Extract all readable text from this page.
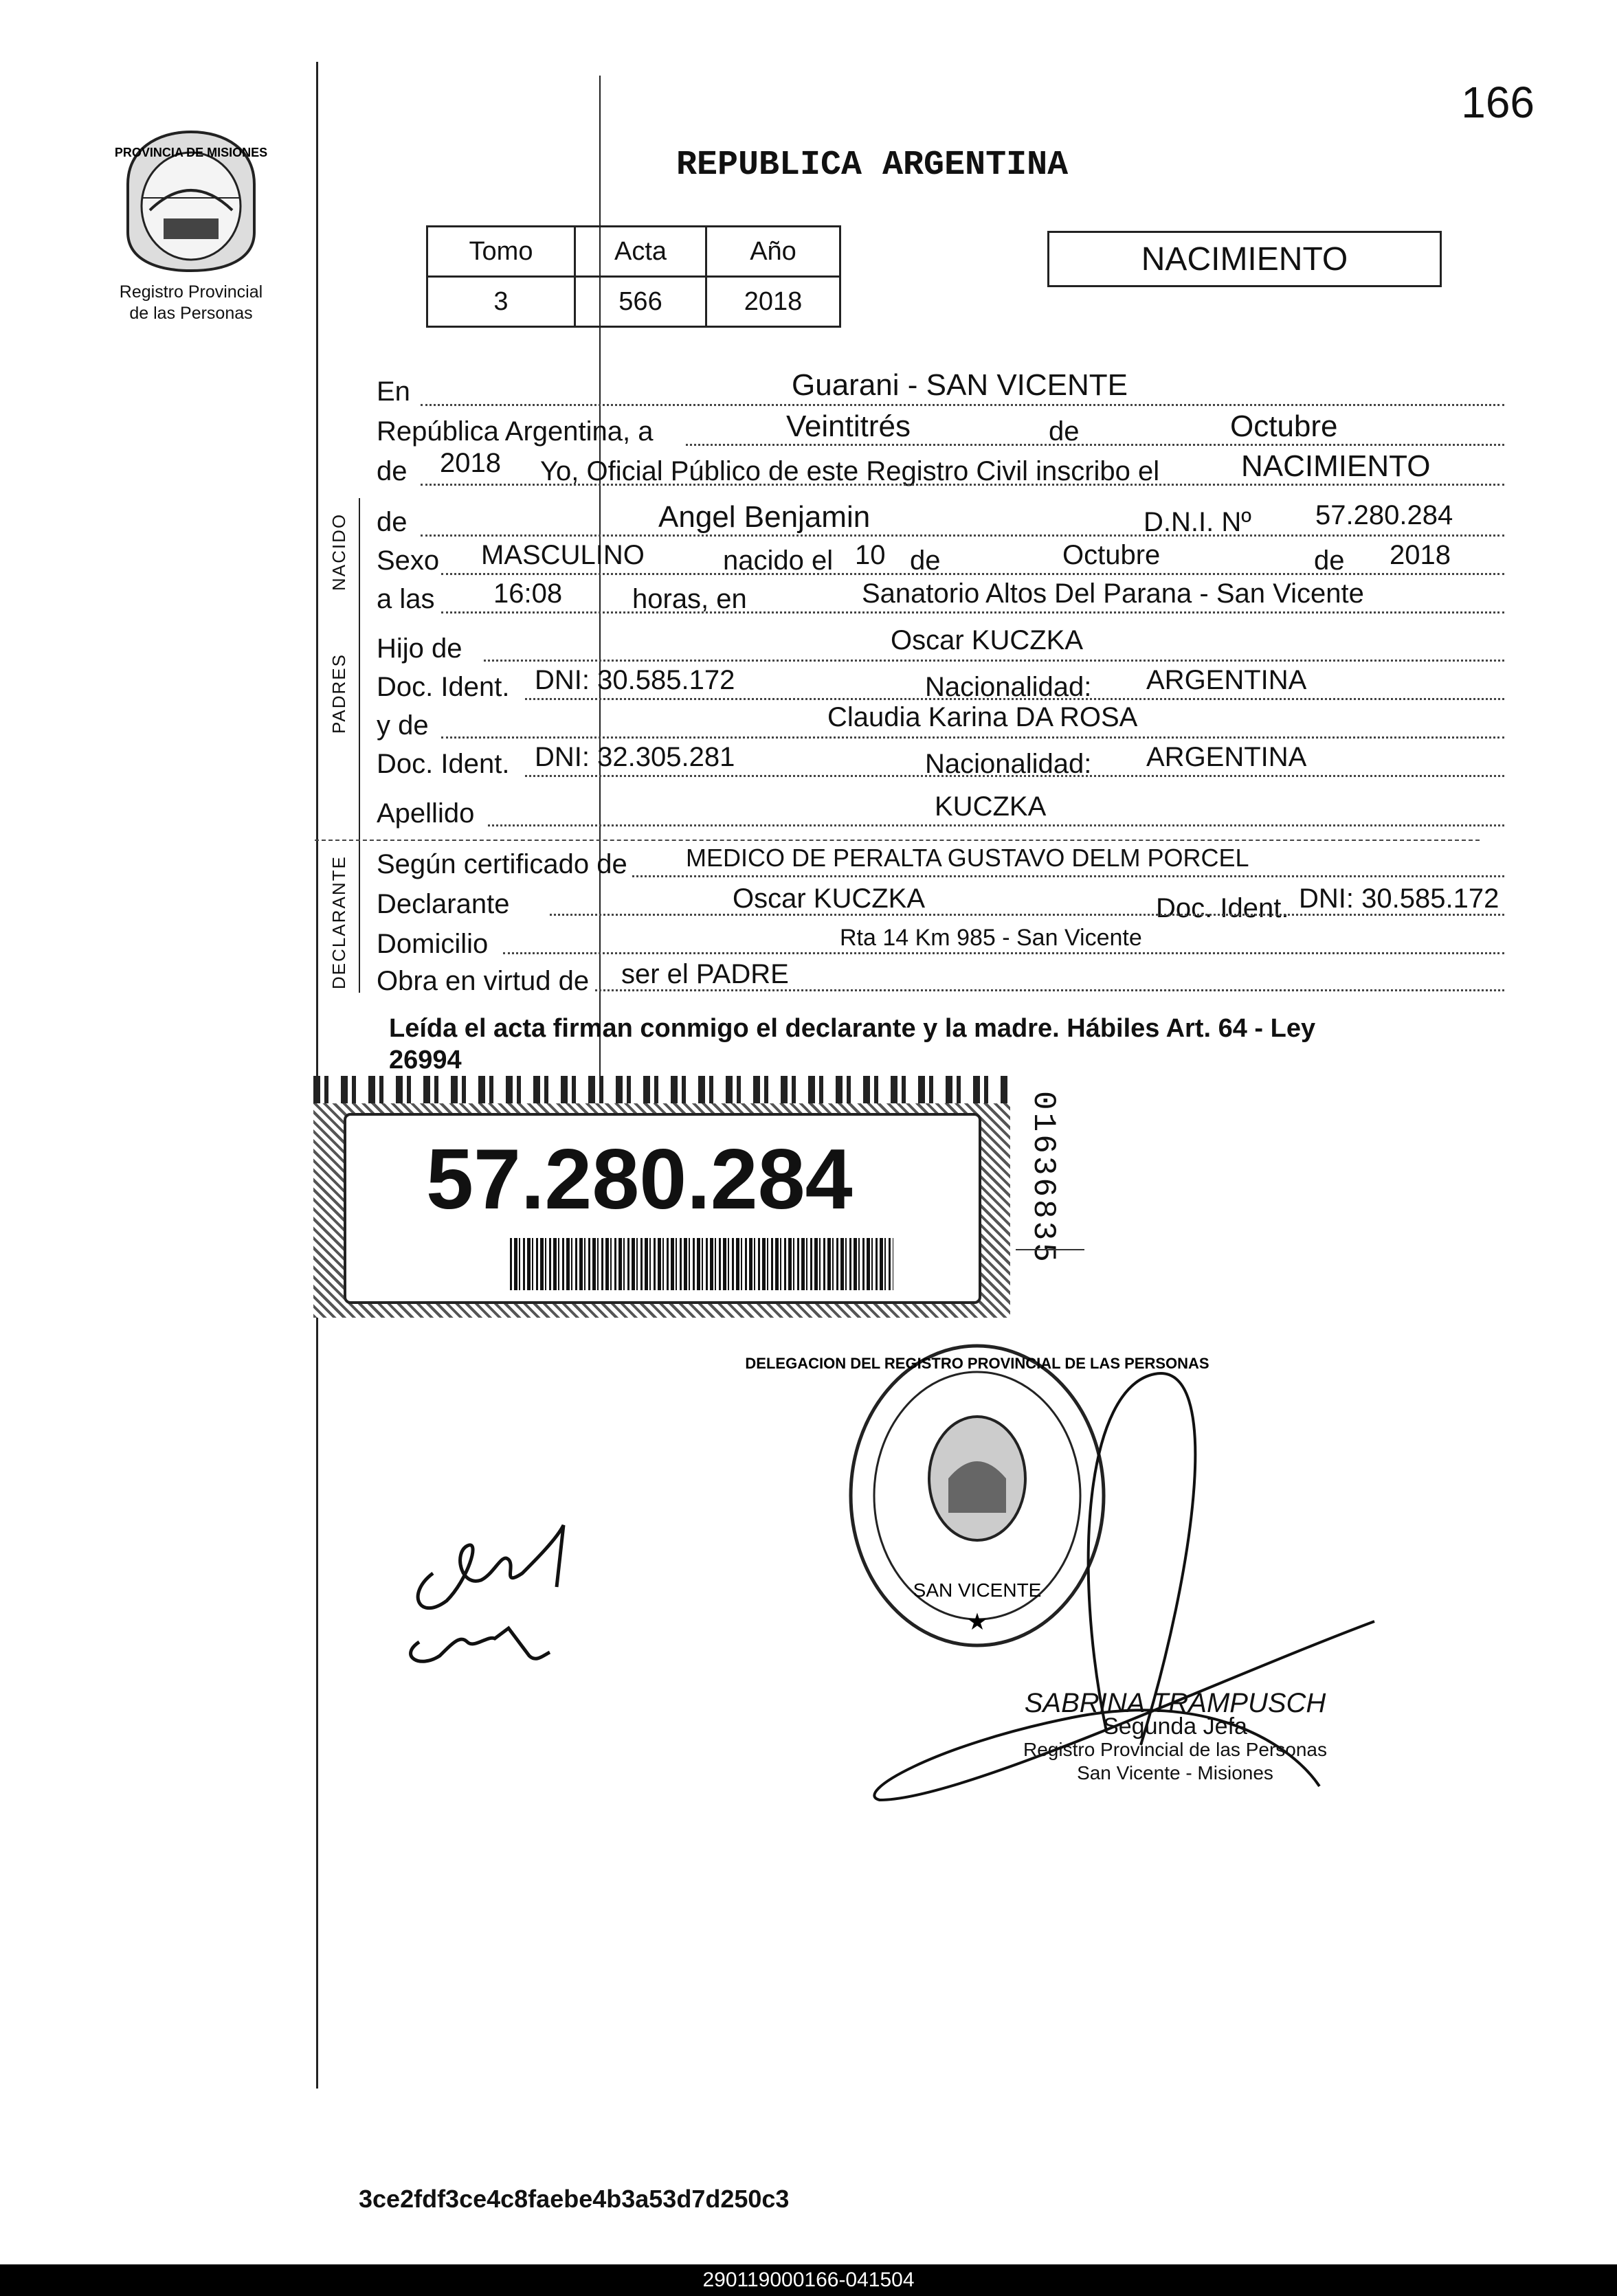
166
PROVINCIA DE MISIONES
Registro Provincial
de las Personas
REPUBLICA ARGENTINA
Tomo	Acta	Año
3	566	2018
NACIMIENTO
En	Guarani - SAN VICENTE
República Argentina, a	Veintitrés	de	Octubre
de 2018 Yo, Oficial Público de este Registro Civil inscribo el	NACIMIENTO
NACIDO de	Angel Benjamin	D.N.I. Nº 57.280.284
Sexo MASCULINO	nacido el 10 de	Octubre	de 2018
a las 16:08	horas, en	Sanatorio Altos Del Parana - San Vicente
PADRES
Hijo de	Oscar KUCZKA
Doc. Ident. DNI: 30.585.172	Nacionalidad: ARGENTINA
y de	Claudia Karina DA ROSA
Doc. Ident. DNI: 32.305.281	Nacionalidad: ARGENTINA
Apellido	KUCZKA
DECLARANTE Según certificado de MEDICO DE PERALTA GUSTAVO DELM PORCEL
Declarante	Oscar KUCZKA	Doc. Ident. DNI: 30.585.172
Domicilio	Rta 14 Km 985 - San Vicente
Obra en virtud de ser el PADRE
Leída el acta firman conmigo el declarante y la madre. Hábiles Art. 64 - Ley
26994
57.280.284	01636835
SAN VICENTE
DELEGACION DEL REGISTRO PROVINCIAL DE LAS PERSONAS
★
SABRINA TRAMPUSCH
Segunda Jefa
Registro Provincial de las Personas
San Vicente - Misiones
3ce2fdf3ce4c8faebe4b3a53d7d250c3
290119000166-041504
